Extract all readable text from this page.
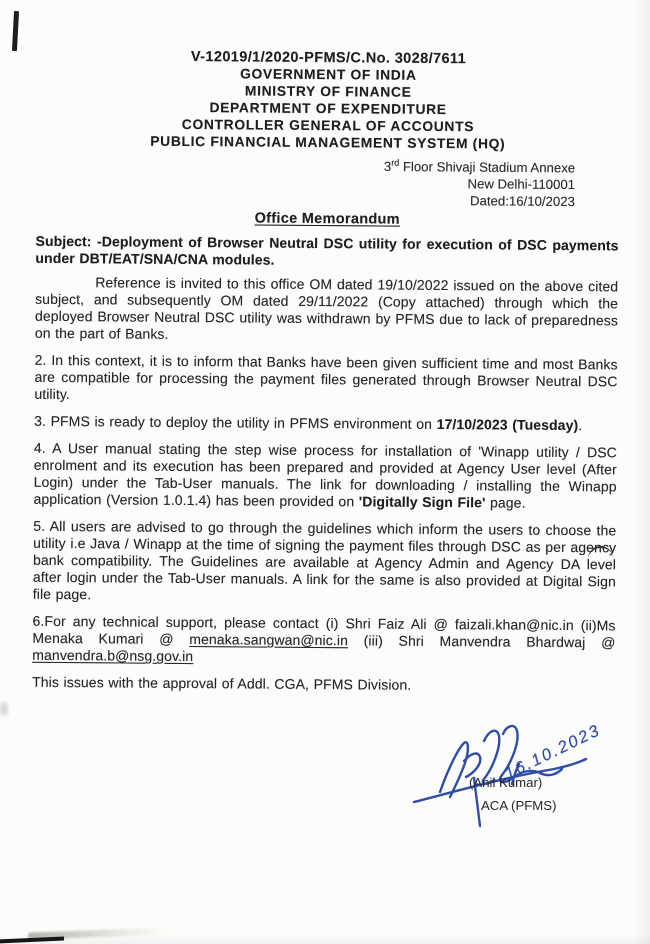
V-12019/1/2020-PFMS/C.No. 3028/7611
GOVERNMENT OF INDIA
MINISTRY OF FINANCE
DEPARTMENT OF EXPENDITURE
CONTROLLER GENERAL OF ACCOUNTS
PUBLIC FINANCIAL MANAGEMENT SYSTEM (HQ)
3rd Floor Shivaji Stadium Annexe
New Delhi-110001
Dated:16/10/2023
Office Memorandum
Subject: -Deployment of Browser Neutral DSC utility for execution of DSC payments under DBT/EAT/SNA/CNA modules.
Reference is invited to this office OM dated 19/10/2022 issued on the above cited subject, and subsequently OM dated 29/11/2022 (Copy attached) through which the deployed Browser Neutral DSC utility was withdrawn by PFMS due to lack of preparedness on the part of Banks.
2. In this context, it is to inform that Banks have been given sufficient time and most Banks are compatible for processing the payment files generated through Browser Neutral DSC utility.
3. PFMS is ready to deploy the utility in PFMS environment on 17/10/2023 (Tuesday).
4. A User manual stating the step wise process for installation of 'Winapp utility / DSC enrolment and its execution has been prepared and provided at Agency User level (After Login) under the Tab-User manuals. The link for downloading / installing the Winapp application (Version 1.0.1.4) has been provided on 'Digitally Sign File' page.
5. All users are advised to go through the guidelines which inform the users to choose the utility i.e Java / Winapp at the time of signing the payment files through DSC as per agency bank compatibility. The Guidelines are available at Agency Admin and Agency DA level after login under the Tab-User manuals. A link for the same is also provided at Digital Sign file page.
6.For any technical support, please contact (i) Shri Faiz Ali @ faizali.khan@nic.in (ii)Ms Menaka Kumari @ menaka.sangwan@nic.in (iii) Shri Manvendra Bhardwaj @ manvendra.b@nsg.gov.in
This issues with the approval of Addl. CGA, PFMS Division.
16.10.2023
(Anil Kumar)
ACA (PFMS)
